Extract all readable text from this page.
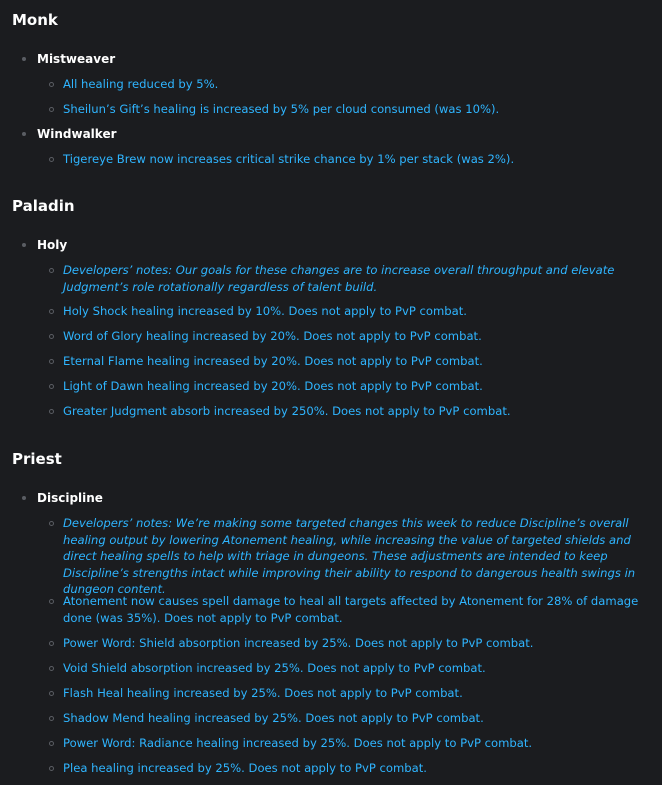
Monk
Mistweaver
All healing reduced by 5%.
Sheilun’s Gift’s healing is increased by 5% per cloud consumed (was 10%).
Windwalker
Tigereye Brew now increases critical strike chance by 1% per stack (was 2%).
Paladin
Holy
Developers’ notes: Our goals for these changes are to increase overall throughput and elevate Judgment’s role rotationally regardless of talent build.
Holy Shock healing increased by 10%. Does not apply to PvP combat.
Word of Glory healing increased by 20%. Does not apply to PvP combat.
Eternal Flame healing increased by 20%. Does not apply to PvP combat.
Light of Dawn healing increased by 20%. Does not apply to PvP combat.
Greater Judgment absorb increased by 250%. Does not apply to PvP combat.
Priest
Discipline
Developers’ notes: We’re making some targeted changes this week to reduce Discipline’s overall healing output by lowering Atonement healing, while increasing the value of targeted shields and direct healing spells to help with triage in dungeons. These adjustments are intended to keep Discipline’s strengths intact while improving their ability to respond to dangerous health swings in dungeon content.
Atonement now causes spell damage to heal all targets affected by Atonement for 28% of damage done (was 35%). Does not apply to PvP combat.
Power Word: Shield absorption increased by 25%. Does not apply to PvP combat.
Void Shield absorption increased by 25%. Does not apply to PvP combat.
Flash Heal healing increased by 25%. Does not apply to PvP combat.
Shadow Mend healing increased by 25%. Does not apply to PvP combat.
Power Word: Radiance healing increased by 25%. Does not apply to PvP combat.
Plea healing increased by 25%. Does not apply to PvP combat.
